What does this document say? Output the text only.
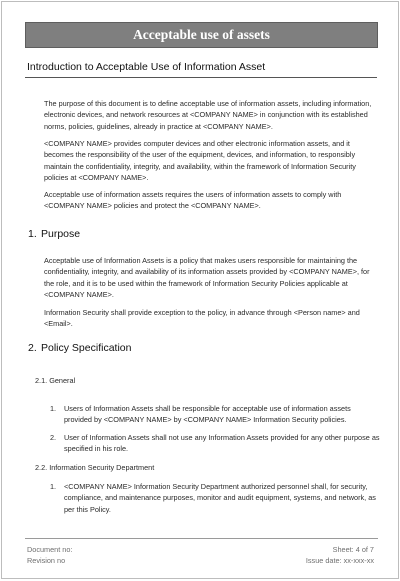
Acceptable use of assets
Introduction to Acceptable Use of Information Asset
The purpose of this document is to define acceptable use of information assets, including information, electronic devices, and network resources at <COMPANY NAME> in conjunction with its established norms, policies, guidelines, already in practice at <COMPANY NAME>.
<COMPANY NAME> provides computer devices and other electronic information assets, and it becomes the responsibility of the user of the equipment, devices, and information, to responsibly maintain the confidentiality, integrity, and availability, within the framework of Information Security policies at <COMPANY NAME>.
Acceptable use of information assets requires the users of information assets to comply with <COMPANY NAME> policies and protect the <COMPANY NAME>.
1. Purpose
Acceptable use of Information Assets is a policy that makes users responsible for maintaining the confidentiality, integrity, and availability of its information assets provided by <COMPANY NAME>, for the role, and it is to be used within the framework of Information Security Policies applicable at <COMPANY NAME>.
Information Security shall provide exception to the policy, in advance through <Person name> and <Email>.
2. Policy Specification
2.1. General
1.	Users of Information Assets shall be responsible for acceptable use of information assets provided by <COMPANY NAME> by <COMPANY NAME> Information Security policies.
2.	User of Information Assets shall not use any Information Assets provided for any other purpose as specified in his role.
2.2. Information Security Department
1.	<COMPANY NAME> Information Security Department authorized personnel shall, for security, compliance, and maintenance purposes, monitor and audit equipment, systems, and network, as per this Policy.
Document no:
Revision no
Sheet: 4 of 7
Issue date: xx-xxx-xx
